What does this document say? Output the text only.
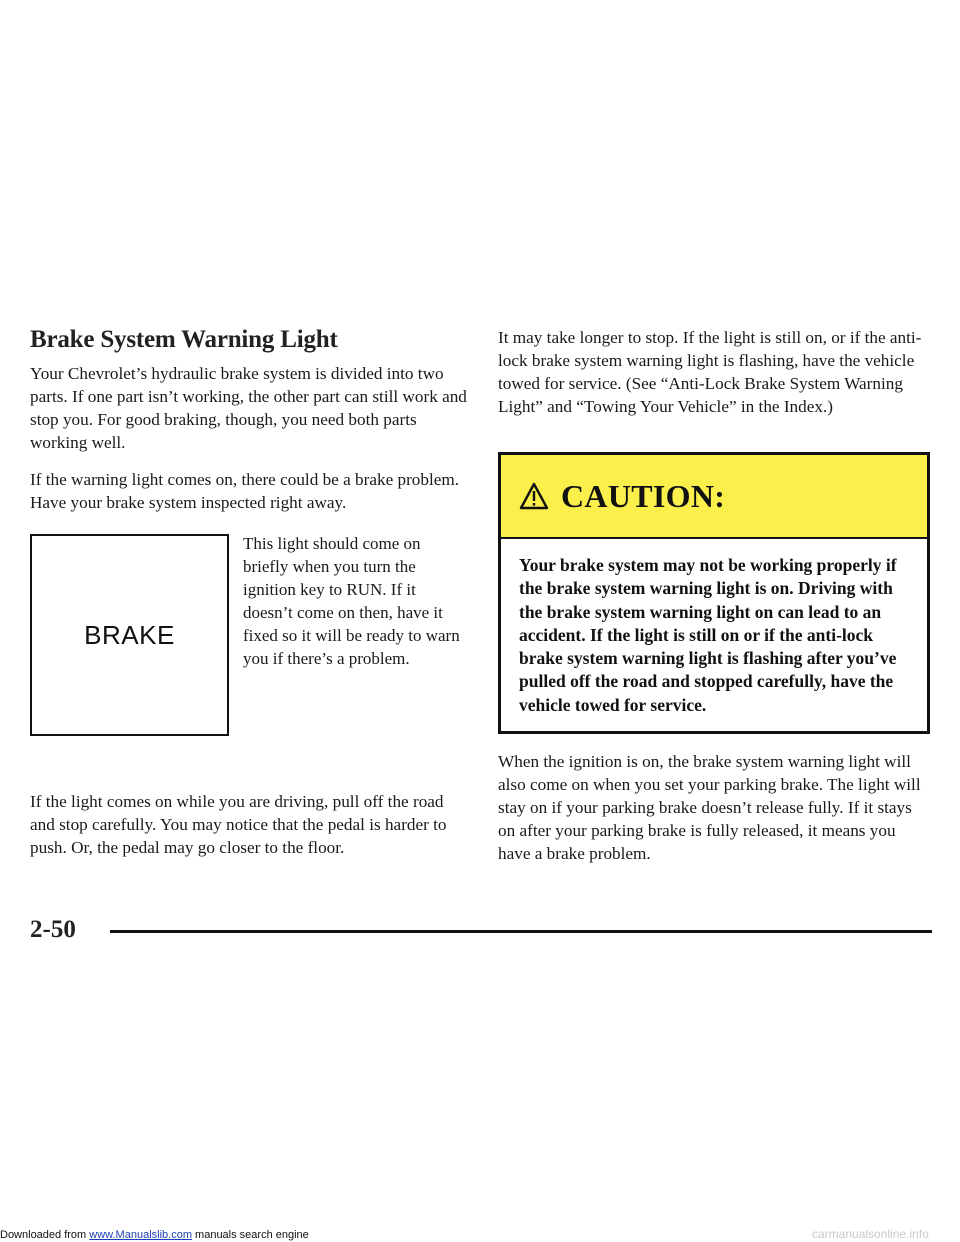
Brake System Warning Light

Your Chevrolet’s hydraulic brake system is divided into two parts. If one part isn’t working, the other part can still work and stop you. For good braking, though, you need both parts working well.

If the warning light comes on, there could be a brake problem. Have your brake system inspected right away.

BRAKE

This light should come on briefly when you turn the ignition key to RUN. If it doesn’t come on then, have it fixed so it will be ready to warn you if there’s a problem.

If the light comes on while you are driving, pull off the road and stop carefully. You may notice that the pedal is harder to push. Or, the pedal may go closer to the floor.

It may take longer to stop. If the light is still on, or if the anti-lock brake system warning light is flashing, have the vehicle towed for service. (See “Anti-Lock Brake System Warning Light” and “Towing Your Vehicle” in the Index.)

CAUTION:
Your brake system may not be working properly if the brake system warning light is on. Driving with the brake system warning light on can lead to an accident. If the light is still on or if the anti-lock brake system warning light is flashing after you’ve pulled off the road and stopped carefully, have the vehicle towed for service.

When the ignition is on, the brake system warning light will also come on when you set your parking brake. The light will stay on if your parking brake doesn’t release fully. If it stays on after your parking brake is fully released, it means you have a brake problem.

2-50
Downloaded from www.Manualslib.com manuals search engine	carmanualsonline.info
